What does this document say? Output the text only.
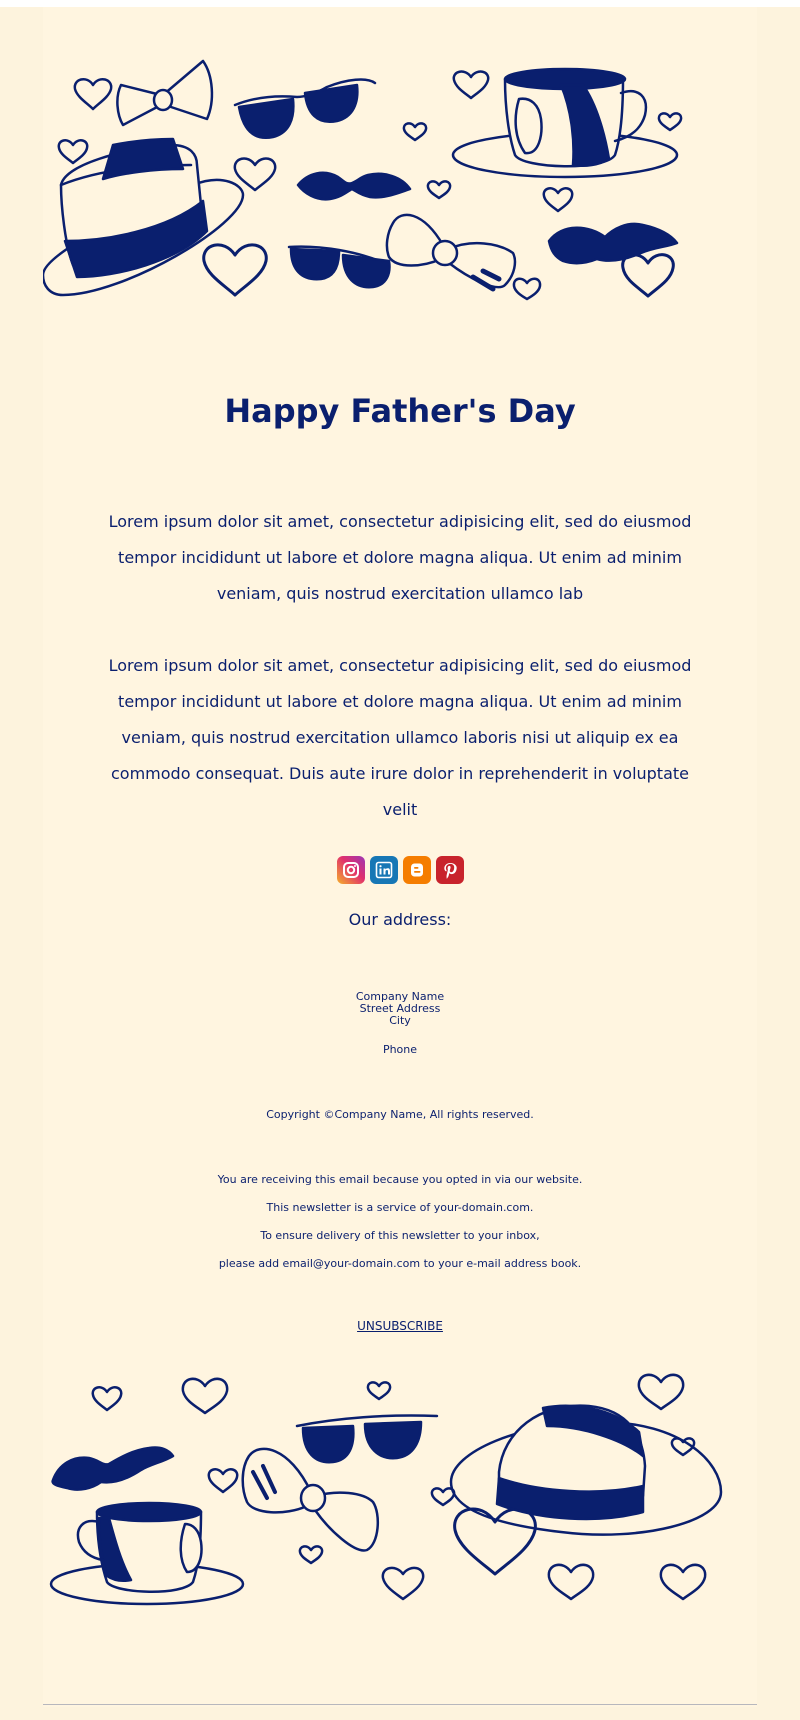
Happy Father's Day

Lorem ipsum dolor sit amet, consectetur adipisicing elit, sed do eiusmod tempor incididunt ut labore et dolore magna aliqua. Ut enim ad minim veniam, quis nostrud exercitation ullamco lab

Lorem ipsum dolor sit amet, consectetur adipisicing elit, sed do eiusmod tempor incididunt ut labore et dolore magna aliqua. Ut enim ad minim veniam, quis nostrud exercitation ullamco laboris nisi ut aliquip ex ea commodo consequat. Duis aute irure dolor in reprehenderit in voluptate velit

Our address:
Company Name
Street Address
City
Phone
Copyright ©Company Name, All rights reserved.
You are receiving this email because you opted in via our website.
This newsletter is a service of your-domain.com.
To ensure delivery of this newsletter to your inbox,
please add email@your-domain.com to your e-mail address book.
UNSUBSCRIBE
